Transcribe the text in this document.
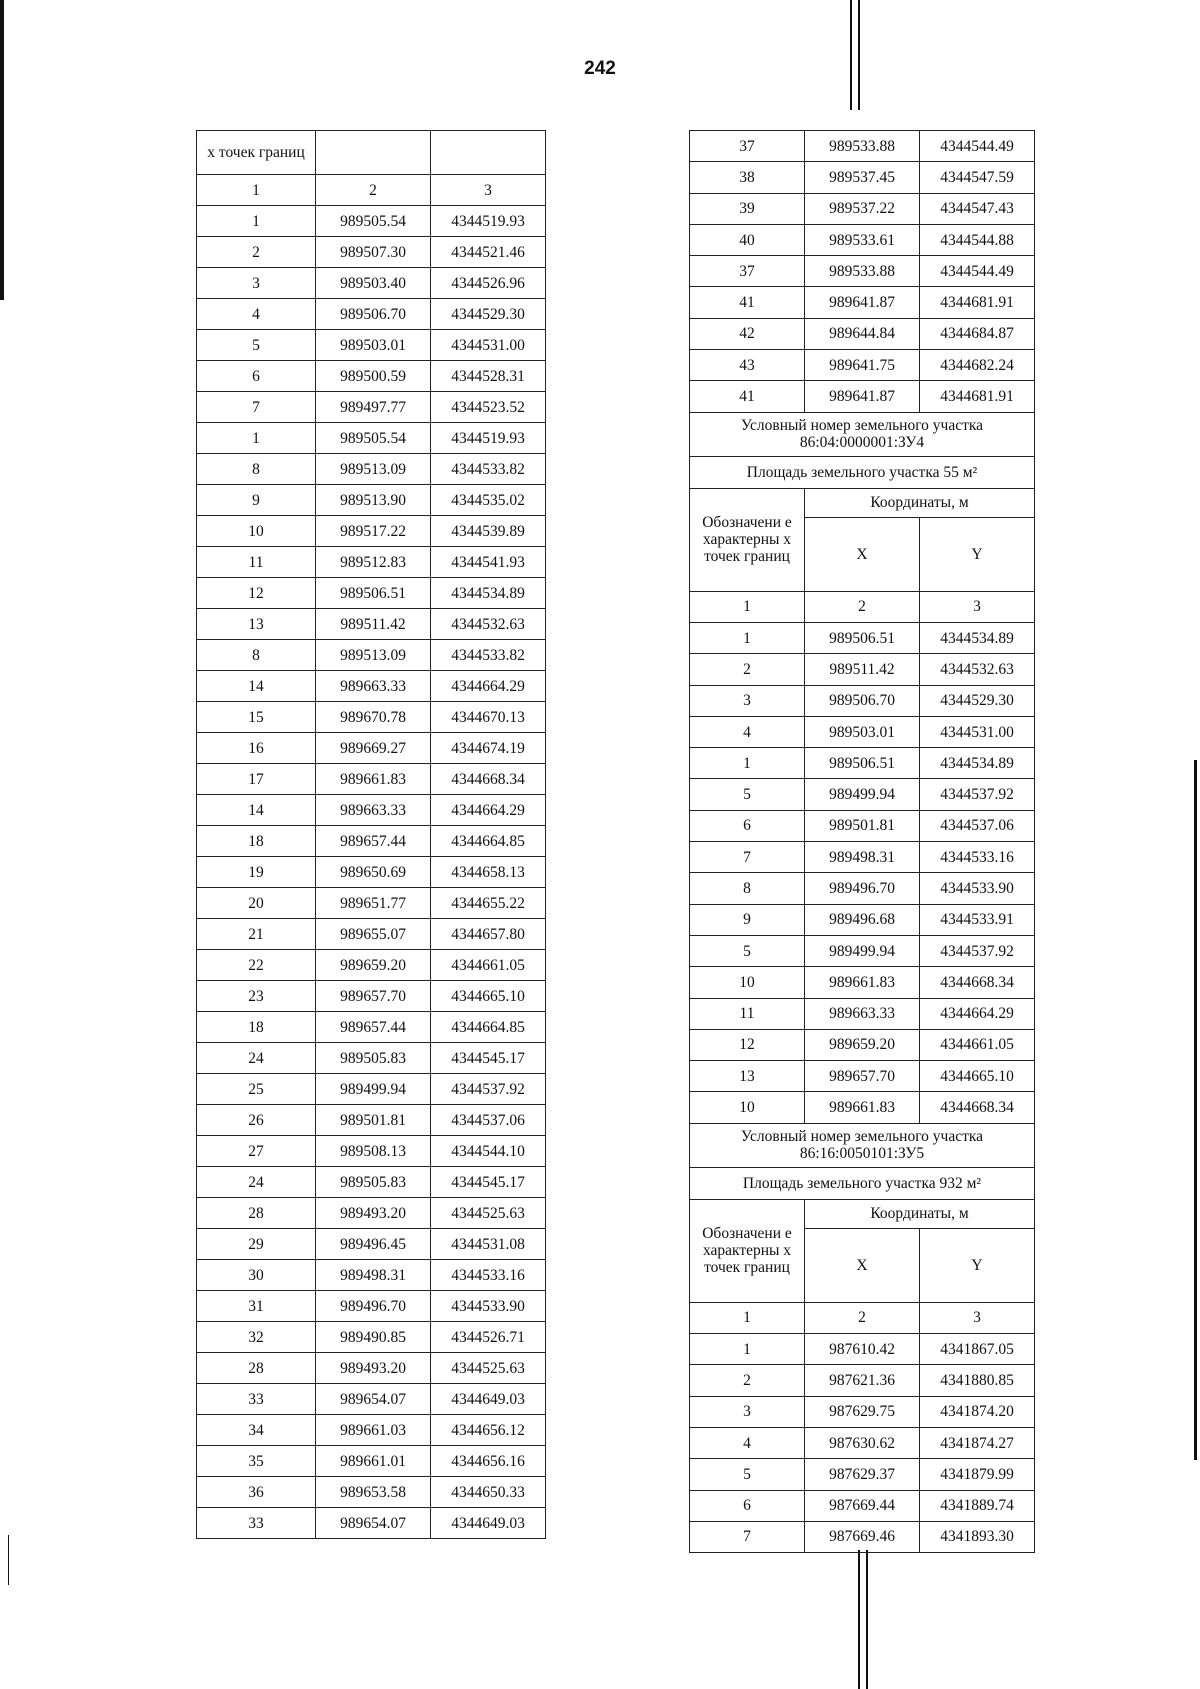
242
х точек границ		
1	2	3
1	989505.54	4344519.93
2	989507.30	4344521.46
3	989503.40	4344526.96
4	989506.70	4344529.30
5	989503.01	4344531.00
6	989500.59	4344528.31
7	989497.77	4344523.52
1	989505.54	4344519.93
8	989513.09	4344533.82
9	989513.90	4344535.02
10	989517.22	4344539.89
11	989512.83	4344541.93
12	989506.51	4344534.89
13	989511.42	4344532.63
8	989513.09	4344533.82
14	989663.33	4344664.29
15	989670.78	4344670.13
16	989669.27	4344674.19
17	989661.83	4344668.34
14	989663.33	4344664.29
18	989657.44	4344664.85
19	989650.69	4344658.13
20	989651.77	4344655.22
21	989655.07	4344657.80
22	989659.20	4344661.05
23	989657.70	4344665.10
18	989657.44	4344664.85
24	989505.83	4344545.17
25	989499.94	4344537.92
26	989501.81	4344537.06
27	989508.13	4344544.10
24	989505.83	4344545.17
28	989493.20	4344525.63
29	989496.45	4344531.08
30	989498.31	4344533.16
31	989496.70	4344533.90
32	989490.85	4344526.71
28	989493.20	4344525.63
33	989654.07	4344649.03
34	989661.03	4344656.12
35	989661.01	4344656.16
36	989653.58	4344650.33
33	989654.07	4344649.03
37	989533.88	4344544.49
38	989537.45	4344547.59
39	989537.22	4344547.43
40	989533.61	4344544.88
37	989533.88	4344544.49
41	989641.87	4344681.91
42	989644.84	4344684.87
43	989641.75	4344682.24
41	989641.87	4344681.91

Условный номер земельного участка
86:04:0000001:ЗУ4		

Площадь земельного участка 55 м²		
Обозначени е характерны х точек границ	Координаты, м	
	X	Y
1	2	3
1	989506.51	4344534.89
2	989511.42	4344532.63
3	989506.70	4344529.30
4	989503.01	4344531.00
1	989506.51	4344534.89
5	989499.94	4344537.92
6	989501.81	4344537.06
7	989498.31	4344533.16
8	989496.70	4344533.90
9	989496.68	4344533.91
5	989499.94	4344537.92
10	989661.83	4344668.34
11	989663.33	4344664.29
12	989659.20	4344661.05
13	989657.70	4344665.10
10	989661.83	4344668.34

Условный номер земельного участка
86:16:0050101:ЗУ5		

Площадь земельного участка 932 м²		
Обозначени е характерны х точек границ	Координаты, м	
	X	Y
1	2	3
1	987610.42	4341867.05
2	987621.36	4341880.85
3	987629.75	4341874.20
4	987630.62	4341874.27
5	987629.37	4341879.99
6	987669.44	4341889.74
7	987669.46	4341893.30
